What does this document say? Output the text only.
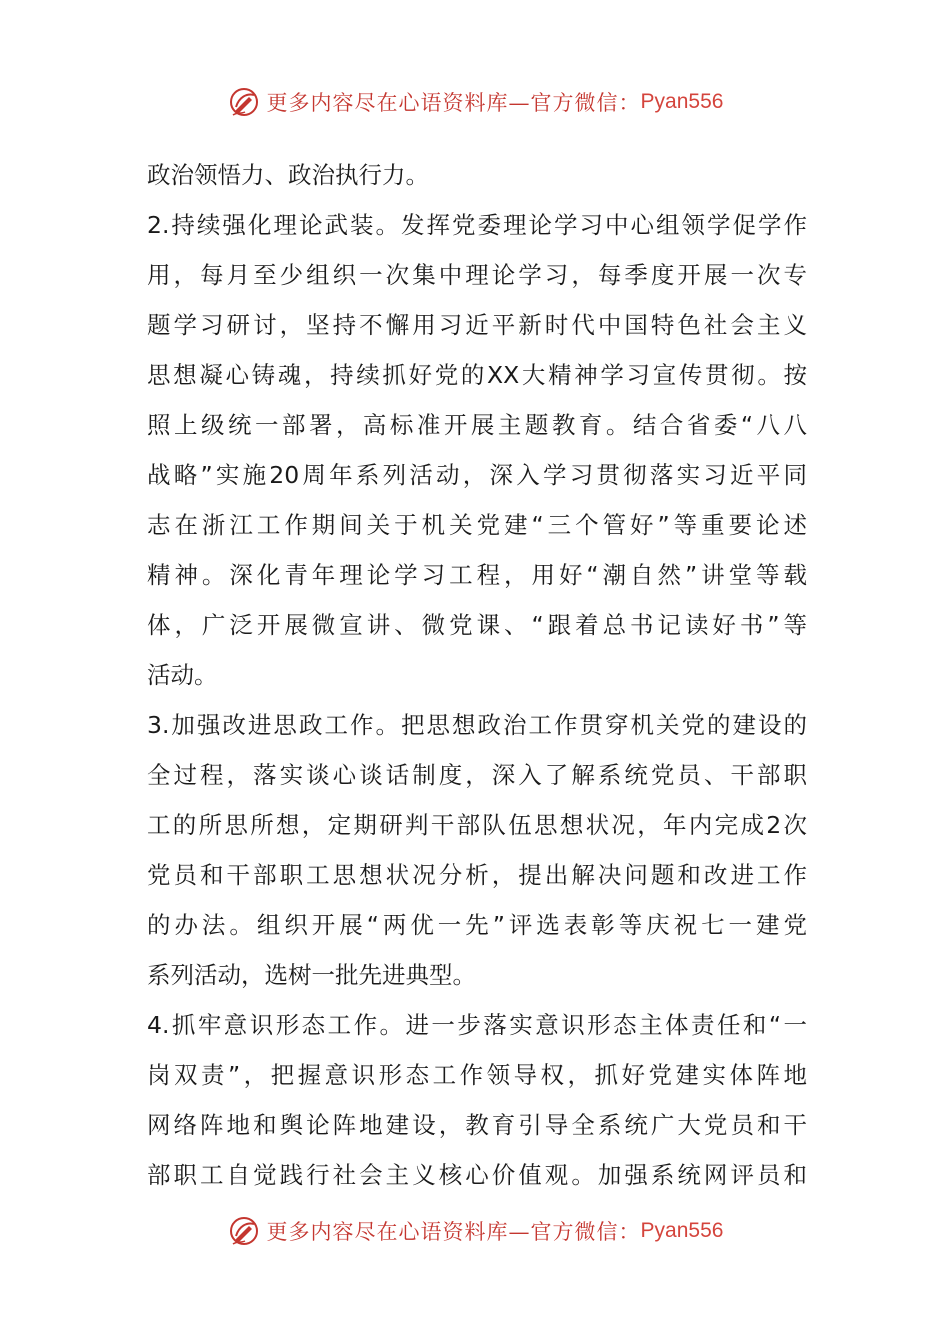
更多内容尽在心语资料库—官方微信： Pyan556
政治领悟力、政治执行力。
2.持续强化理论武装。发挥党委理论学习中心组领学促学作
用，每月至少组织一次集中理论学习，每季度开展一次专
题学习研讨，坚持不懈用习近平新时代中国特色社会主义
思想凝心铸魂，持续抓好党的XX大精神学习宣传贯彻。按
照上级统一部署，高标准开展主题教育。结合省委“八八
战略”实施20周年系列活动，深入学习贯彻落实习近平同
志在浙江工作期间关于机关党建“三个管好”等重要论述
精神。深化青年理论学习工程，用好“潮自然”讲堂等载
体，广泛开展微宣讲、微党课、“跟着总书记读好书”等
活动。
3.加强改进思政工作。把思想政治工作贯穿机关党的建设的
全过程，落实谈心谈话制度，深入了解系统党员、干部职
工的所思所想，定期研判干部队伍思想状况，年内完成2次
党员和干部职工思想状况分析，提出解决问题和改进工作
的办法。组织开展“两优一先”评选表彰等庆祝七一建党
系列活动，选树一批先进典型。
4.抓牢意识形态工作。进一步落实意识形态主体责任和“一
岗双责”，把握意识形态工作领导权，抓好党建实体阵地
网络阵地和舆论阵地建设，教育引导全系统广大党员和干
部职工自觉践行社会主义核心价值观。加强系统网评员和
更多内容尽在心语资料库—官方微信： Pyan556
